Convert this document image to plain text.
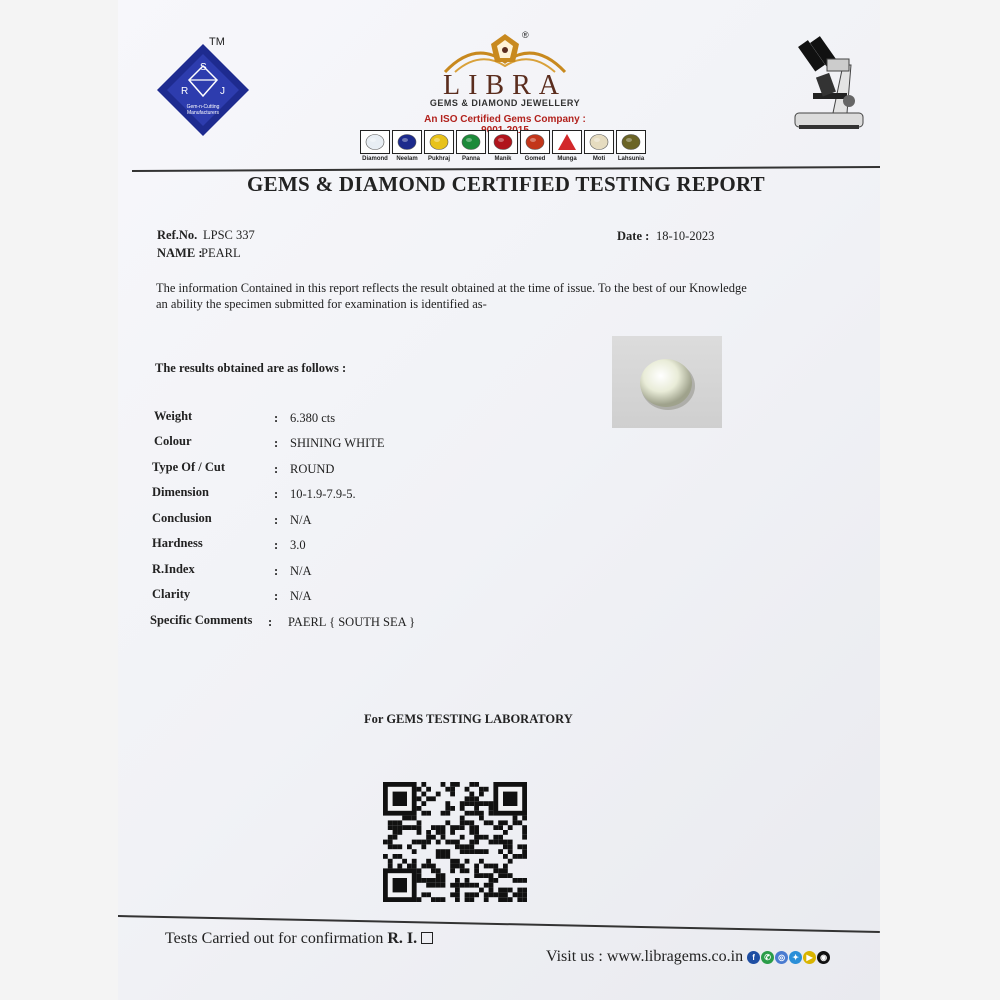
S
R	J
Gem-n-Cutting
Manufacturers
TM
®
LIBRA
GEMS & DIAMOND JEWELLERY
An ISO Certified Gems Company :
Diamond	Neelam	Pukhraj	Panna	Manik	Gomed	Munga	Moti	Lahsunia
GEMS & DIAMOND CERTIFIED TESTING REPORT
Ref.No. LPSC 337
NAME :
PEARL
Date : 18-10-2023
The information Contained in this report reflects the result obtained at the time of issue. To the best of our Knowledge an ability the specimen submitted for examination is identified as-
The results obtained are as follows :
Weight	: 6.380 cts
Colour	: SHINING WHITE
Type Of / Cut	: ROUND
Dimension	: 10-1.9-7.9-5.
Conclusion	: N/A
Hardness	: 3.0
R.Index	: N/A
Clarity	: N/A
Specific Comments : PAERL { SOUTH SEA }
For GEMS TESTING LABORATORY
Tests Carried out for confirmation R. I.
Visit us : www.libragems.co.in	f	✆ ◎ ✦ ▶ ◉
